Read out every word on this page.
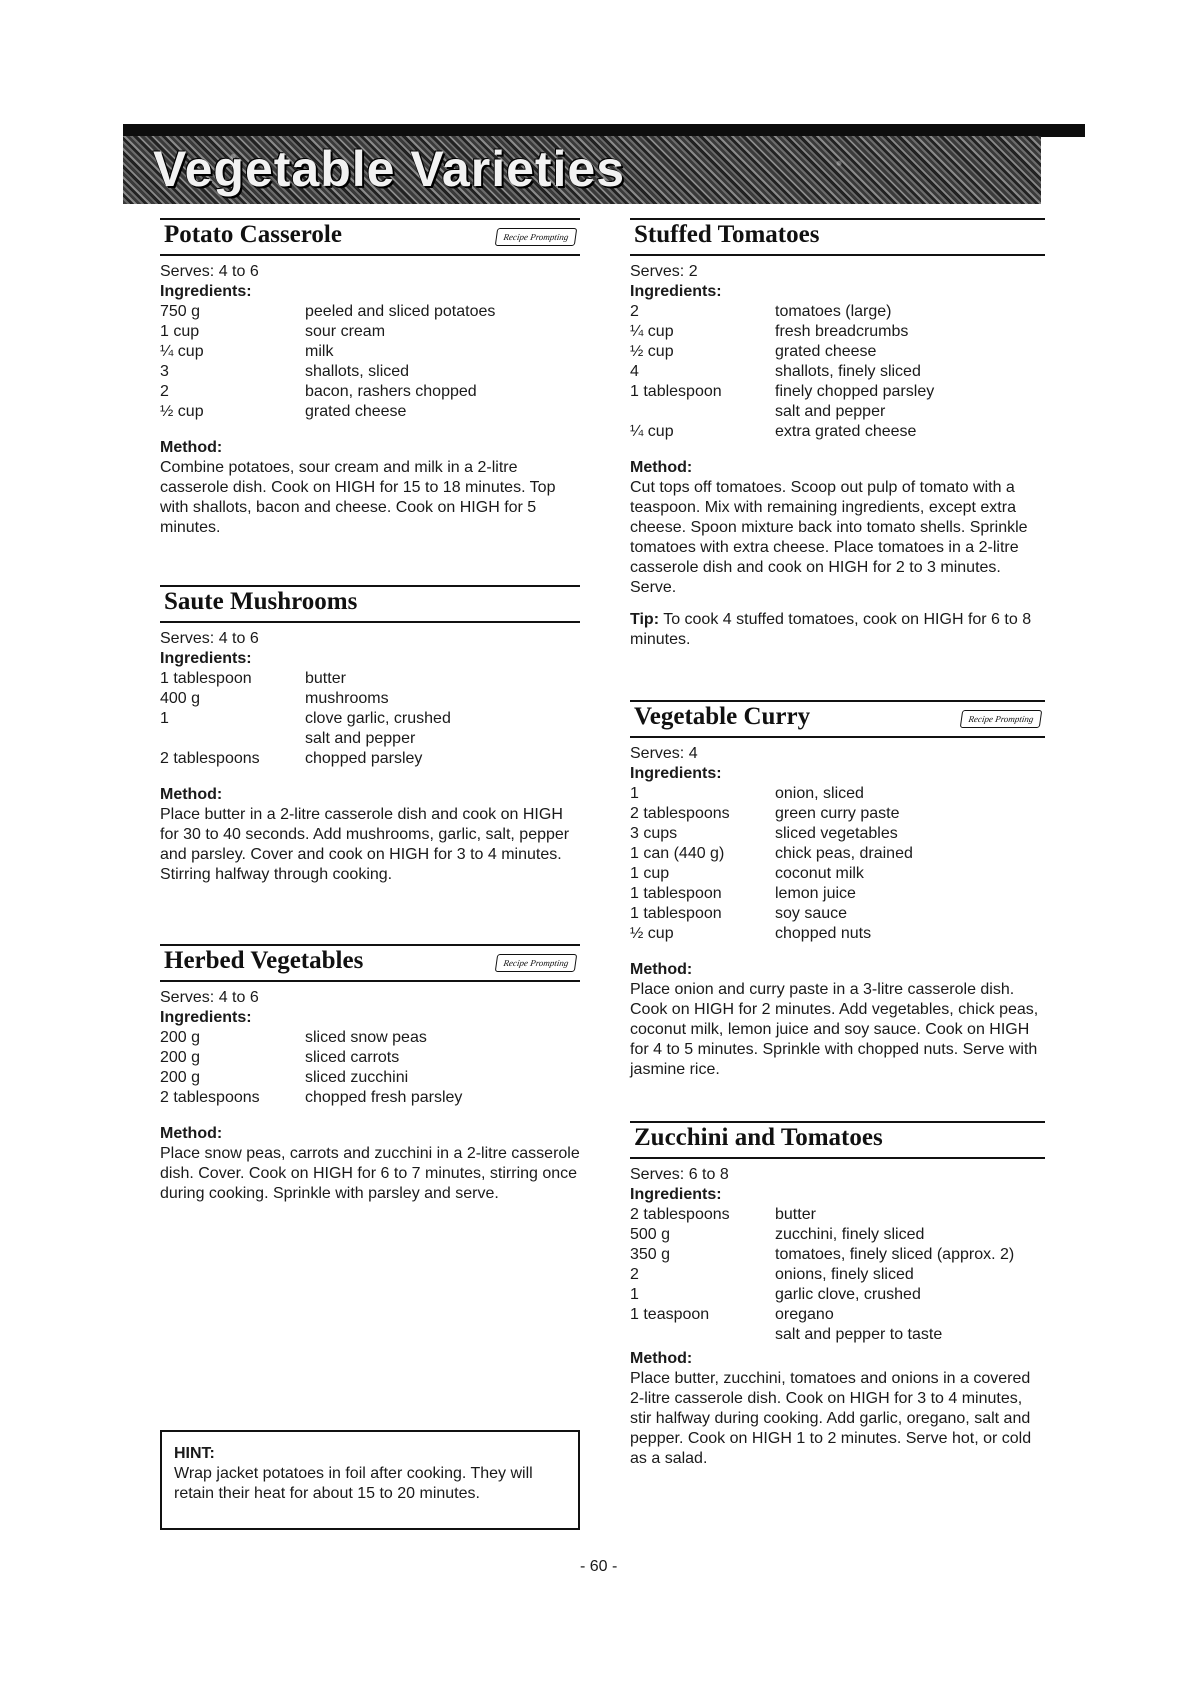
Vegetable Varieties
Potato Casserole	Recipe Prompting
Serves: 4 to 6
Ingredients:
750 g	peeled and sliced potatoes
1 cup	sour cream
¼ cup	milk
3	shallots, sliced
2	bacon, rashers chopped
½ cup	grated cheese
Method:

Combine potatoes, sour cream and milk in a 2-litre casserole dish. Cook on HIGH for 15 to 18 minutes. Top with shallots, bacon and cheese. Cook on HIGH for 5 minutes.

Saute Mushrooms
Serves: 4 to 6
Ingredients:
1 tablespoon	butter
400 g	mushrooms
1	clove garlic, crushed
salt and pepper
2 tablespoons	chopped parsley
Method:

Place butter in a 2-litre casserole dish and cook on HIGH for 30 to 40 seconds. Add mushrooms, garlic, salt, pepper and parsley. Cover and cook on HIGH for 3 to 4 minutes. Stirring halfway through cooking.

Herbed Vegetables	Recipe Prompting
Serves: 4 to 6
Ingredients:
200 g	sliced snow peas
200 g	sliced carrots
200 g	sliced zucchini
2 tablespoons	chopped fresh parsley
Method:

Place snow peas, carrots and zucchini in a 2-litre casserole dish. Cover. Cook on HIGH for 6 to 7 minutes, stirring once during cooking. Sprinkle with parsley and serve.

HINT:
Wrap jacket potatoes in foil after cooking. They will retain their heat for about 15 to 20 minutes.
Stuffed Tomatoes
Serves: 2
Ingredients:
2	tomatoes (large)
¼ cup	fresh breadcrumbs
½ cup	grated cheese
4	shallots, finely sliced
1 tablespoon	finely chopped parsley
salt and pepper
¼ cup	extra grated cheese
Method:

Cut tops off tomatoes. Scoop out pulp of tomato with a teaspoon. Mix with remaining ingredients, except extra cheese. Spoon mixture back into tomato shells. Sprinkle tomatoes with extra cheese. Place tomatoes in a 2-litre casserole dish and cook on HIGH for 2 to 3 minutes. Serve.

Tip: To cook 4 stuffed tomatoes, cook on HIGH for 6 to 8 minutes.

Vegetable Curry	Recipe Prompting
Serves: 4
Ingredients:
1	onion, sliced
2 tablespoons	green curry paste
3 cups	sliced vegetables
1 can (440 g)	chick peas, drained
1 cup	coconut milk
1 tablespoon	lemon juice
1 tablespoon	soy sauce
½ cup	chopped nuts
Method:

Place onion and curry paste in a 3-litre casserole dish. Cook on HIGH for 2 minutes. Add vegetables, chick peas, coconut milk, lemon juice and soy sauce. Cook on HIGH for 4 to 5 minutes. Sprinkle with chopped nuts. Serve with jasmine rice.

Zucchini and Tomatoes
Serves: 6 to 8
Ingredients:
2 tablespoons	butter
500 g	zucchini, finely sliced
350 g	tomatoes, finely sliced (approx. 2)
2	onions, finely sliced
1	garlic clove, crushed
1 teaspoon	oregano
salt and pepper to taste
Method:

Place butter, zucchini, tomatoes and onions in a covered 2-litre casserole dish. Cook on HIGH for 3 to 4 minutes, stir halfway during cooking. Add garlic, oregano, salt and pepper. Cook on HIGH 1 to 2 minutes. Serve hot, or cold as a salad.

- 60 -
